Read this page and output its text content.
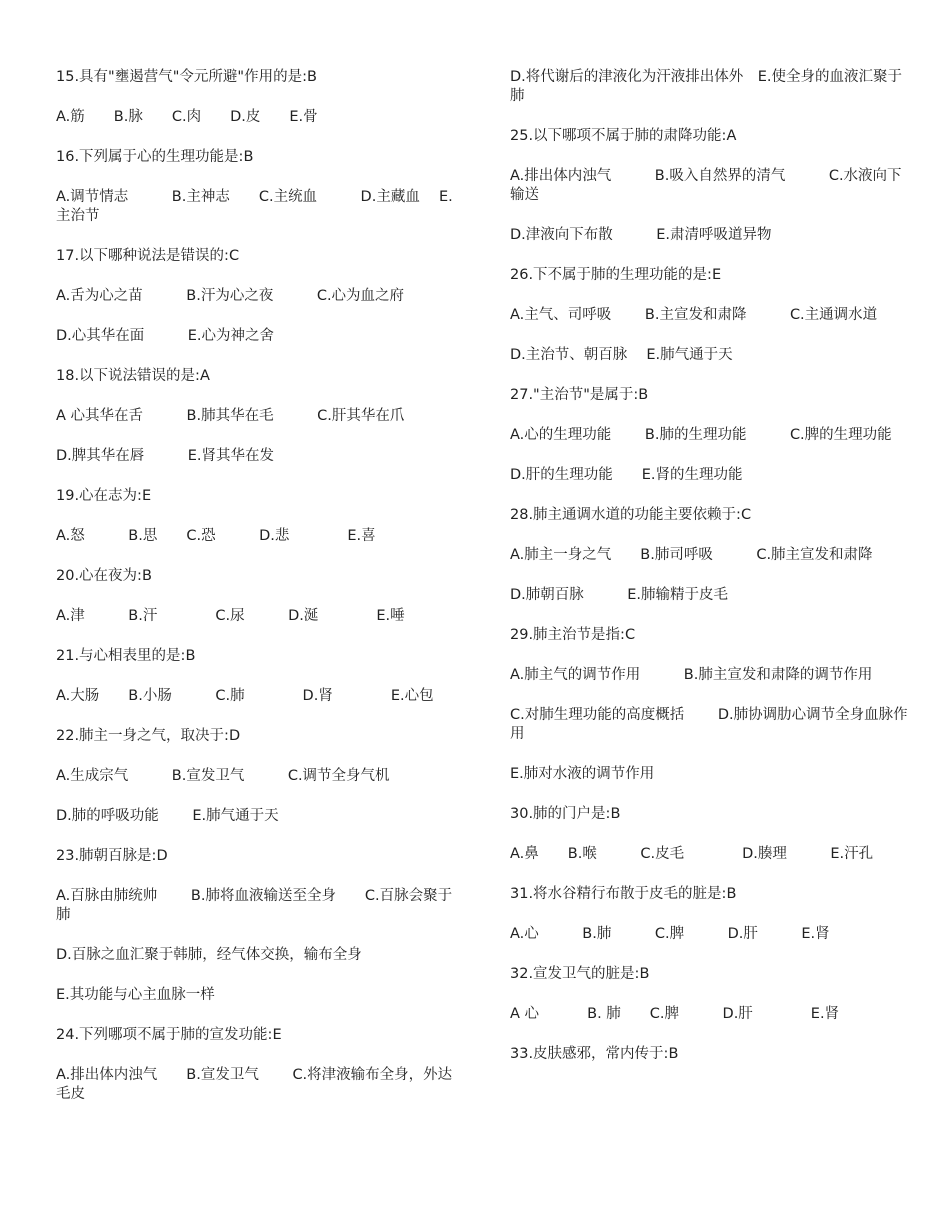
15.具有"壅遏营气"令元所避"作用的是:B

A.筋　　B.脉　　C.肉　　D.皮　　E.骨

16.下列属于心的生理功能是:B

A.调节情志　　　B.主神志　　C.主统血　　　D.主藏血　 E.主治节

17.以下哪种说法是错误的:C

A.舌为心之苗　　　B.汗为心之夜　　　C.心为血之府

D.心其华在面　　　E.心为神之舍

18.以下说法错误的是:A

A 心其华在舌　　　B.肺其华在毛　　　C.肝其华在爪

D.脾其华在唇　　　E.肾其华在发

19.心在志为:E

A.怒　　　B.思　　C.恐　　　D.悲　　　　E.喜

20.心在夜为:B

A.津　　　B.汗　　　　C.尿　　　D.涎　　　　E.唾

21.与心相表里的是:B

A.大肠　　B.小肠　　　C.肺　　　　D.肾　　　　E.心包

22.肺主一身之气，取决于:D

A.生成宗气　　　B.宣发卫气　　　C.调节全身气机

D.肺的呼吸功能　　 E.肺气通于天

23.肺朝百脉是:D

A.百脉由肺统帅　　 B.肺将血液输送至全身　　C.百脉会聚于肺

D.百脉之血汇聚于韩肺，经气体交换，输布全身

E.其功能与心主血脉一样

24.下列哪项不属于肺的宣发功能:E

A.排出体内浊气　　B.宣发卫气　　 C.将津液输布全身，外达毛皮

D.将代谢后的津液化为汗液排出体外　E.使全身的血液汇聚于肺

25.以下哪项不属于肺的肃降功能:A

A.排出体内浊气　　　B.吸入自然界的清气　　　C.水液向下输送

D.津液向下布散　　　E.肃清呼吸道异物

26.下不属于肺的生理功能的是:E

A.主气、司呼吸　　 B.主宣发和肃降　　　C.主通调水道

D.主治节、朝百脉　 E.肺气通于天

27."主治节"是属于:B

A.心的生理功能　　 B.肺的生理功能　　　C.脾的生理功能

D.肝的生理功能　　E.肾的生理功能

28.肺主通调水道的功能主要依赖于:C

A.肺主一身之气　　B.肺司呼吸　　　C.肺主宣发和肃降

D.肺朝百脉　　　E.肺输精于皮毛

29.肺主治节是指:C

A.肺主气的调节作用　　　B.肺主宣发和肃降的调节作用

C.对肺生理功能的高度概括　　 D.肺协调肋心调节全身血脉作用

E.肺对水液的调节作用

30.肺的门户是:B

A.鼻　　B.喉　　　C.皮毛　　　　D.腠理　　　E.汗孔

31.将水谷精行布散于皮毛的脏是:B

A.心　　　B.肺　　　C.脾　　　D.肝　　　E.肾

32.宣发卫气的脏是:B

A 心　　　 B. 肺　　C.脾　　　D.肝　　　　E.肾

33.皮肤感邪，常内传于:B
